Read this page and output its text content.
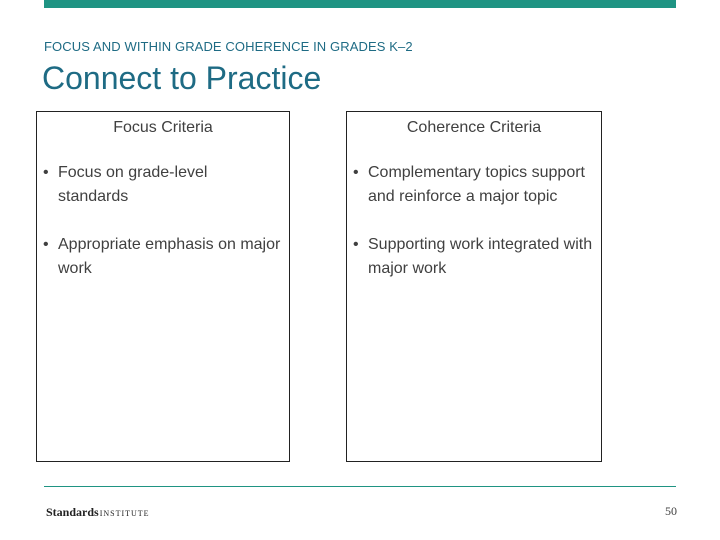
FOCUS AND WITHIN GRADE COHERENCE IN GRADES K–2
Connect to Practice
Focus Criteria
• Focus on grade-level standards
• Appropriate emphasis on major work
Coherence Criteria
• Complementary topics support and reinforce a major topic
• Supporting work integrated with major work
StandardsINSTITUTE	50
